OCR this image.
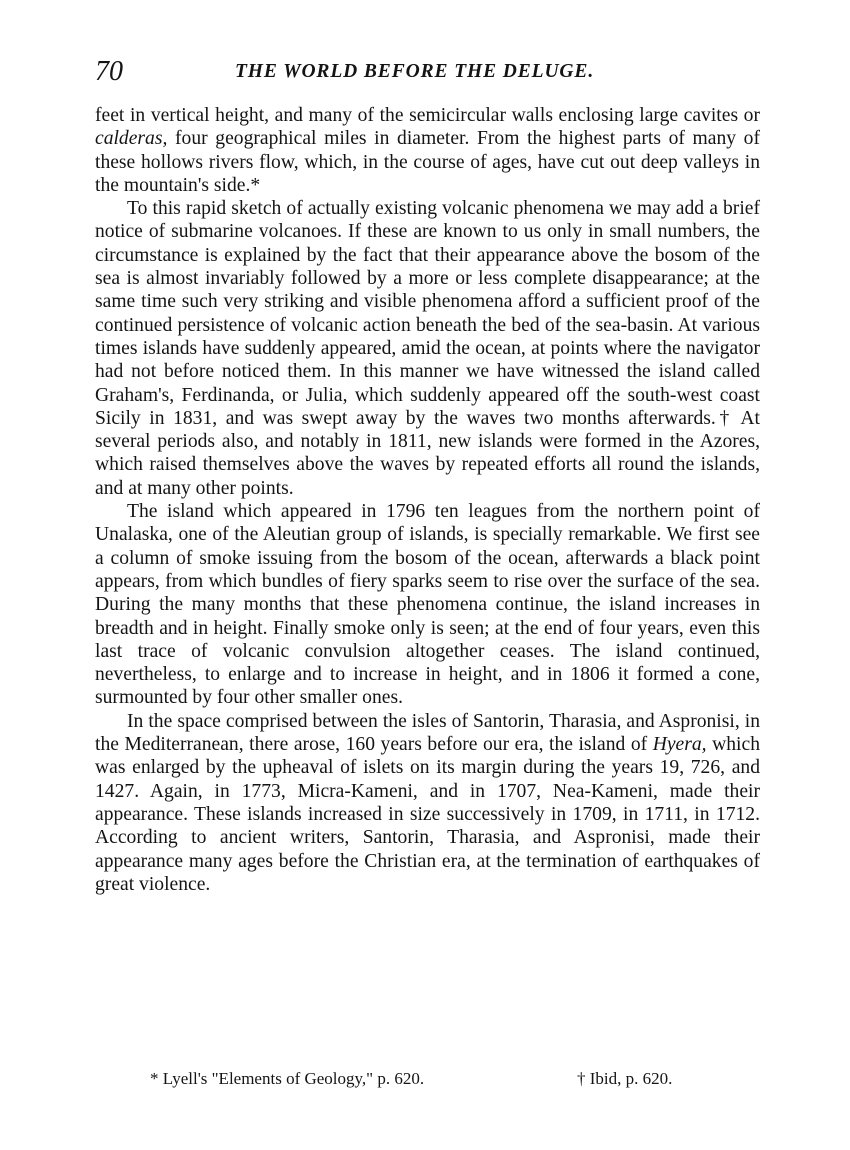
70	THE WORLD BEFORE THE DELUGE.

feet in vertical height, and many of the semicircular walls enclosing large cavites or calderas, four geographical miles in diameter. From the highest parts of many of these hollows rivers flow, which, in the course of ages, have cut out deep valleys in the mountain's side.*

To this rapid sketch of actually existing volcanic phenomena we may add a brief notice of submarine volcanoes. If these are known to us only in small numbers, the circumstance is explained by the fact that their appearance above the bosom of the sea is almost invariably followed by a more or less complete disappearance; at the same time such very striking and visible phenomena afford a sufficient proof of the continued persistence of volcanic action beneath the bed of the sea-basin. At various times islands have suddenly appeared, amid the ocean, at points where the navigator had not before noticed them. In this manner we have witnessed the island called Graham's, Ferdinanda, or Julia, which suddenly appeared off the south-west coast Sicily in 1831, and was swept away by the waves two months afterwards.† At several periods also, and notably in 1811, new islands were formed in the Azores, which raised themselves above the waves by repeated efforts all round the islands, and at many other points.

The island which appeared in 1796 ten leagues from the northern point of Unalaska, one of the Aleutian group of islands, is specially remarkable. We first see a column of smoke issuing from the bosom of the ocean, afterwards a black point appears, from which bundles of fiery sparks seem to rise over the surface of the sea. During the many months that these phenomena continue, the island increases in breadth and in height. Finally smoke only is seen; at the end of four years, even this last trace of volcanic convulsion altogether ceases. The island continued, nevertheless, to enlarge and to increase in height, and in 1806 it formed a cone, surmounted by four other smaller ones.

In the space comprised between the isles of Santorin, Tharasia, and Aspronisi, in the Mediterranean, there arose, 160 years before our era, the island of Hyera, which was enlarged by the upheaval of islets on its margin during the years 19, 726, and 1427. Again, in 1773, Micra-Kameni, and in 1707, Nea-Kameni, made their appearance. These islands increased in size successively in 1709, in 1711, in 1712. According to ancient writers, Santorin, Tharasia, and Aspronisi, made their appearance many ages before the Christian era, at the termination of earthquakes of great violence.

* Lyell's "Elements of Geology," p. 620.	† Ibid, p. 620.
